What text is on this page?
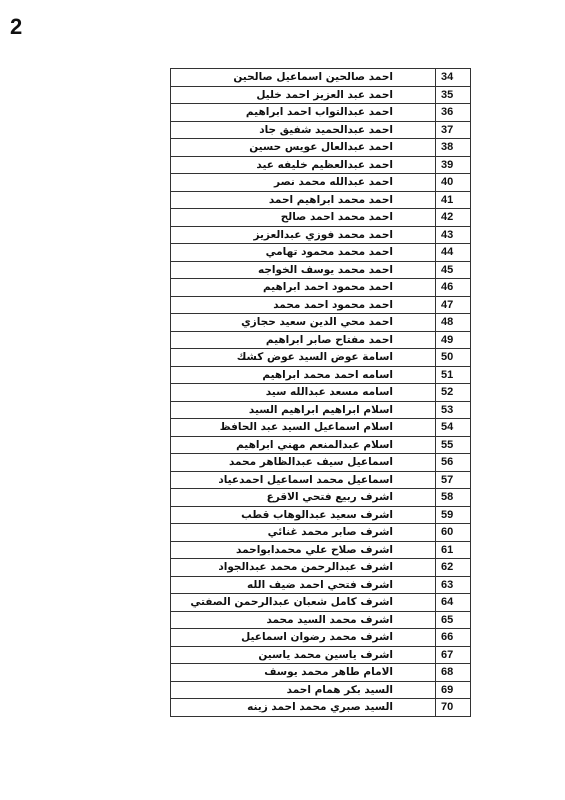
2
احمد صالحين اسماعيل صالحين	34
احمد عبد العزيز احمد خليل	35
احمد عبدالتواب احمد ابراهيم	36
احمد عبدالحميد شفيق جاد	37
احمد عبدالعال عويس حسين	38
احمد عبدالعظيم خليفه عيد	39
احمد عبدالله محمد نصر	40
احمد محمد ابراهيم احمد	41
احمد محمد احمد صالح	42
احمد محمد فوزي عبدالعزيز	43
احمد محمد محمود تهامي	44
احمد محمد يوسف الخواجه	45
احمد محمود احمد ابراهيم	46
احمد محمود احمد محمد	47
احمد محي الدين سعيد حجازي	48
احمد مفتاح صابر ابراهيم	49
اسامة عوض السيد عوض كشك	50
اسامه احمد محمد ابراهيم	51
اسامه مسعد عبدالله سيد	52
اسلام ابراهيم ابراهيم السيد	53
اسلام اسماعيل السيد عبد الحافظ	54
اسلام عبدالمنعم مهني ابراهيم	55
اسماعيل سيف عبدالظاهر محمد	56
اسماعيل محمد اسماعيل احمدعياد	57
اشرف ربيع فتحي الاقرع	58
اشرف سعيد عبدالوهاب قطب	59
اشرف صابر محمد غنائي	60
اشرف صلاح علي محمدابواحمد	61
اشرف عبدالرحمن محمد عبدالجواد	62
اشرف فتحي احمد ضيف الله	63
اشرف كامل شعبان عبدالرحمن الصفتي	64
اشرف محمد السيد محمد	65
اشرف محمد رضوان اسماعيل	66
اشرف ياسين محمد ياسين	67
الامام طاهر محمد يوسف	68
السيد بكر همام احمد	69
السيد صبري محمد احمد زينه	70
